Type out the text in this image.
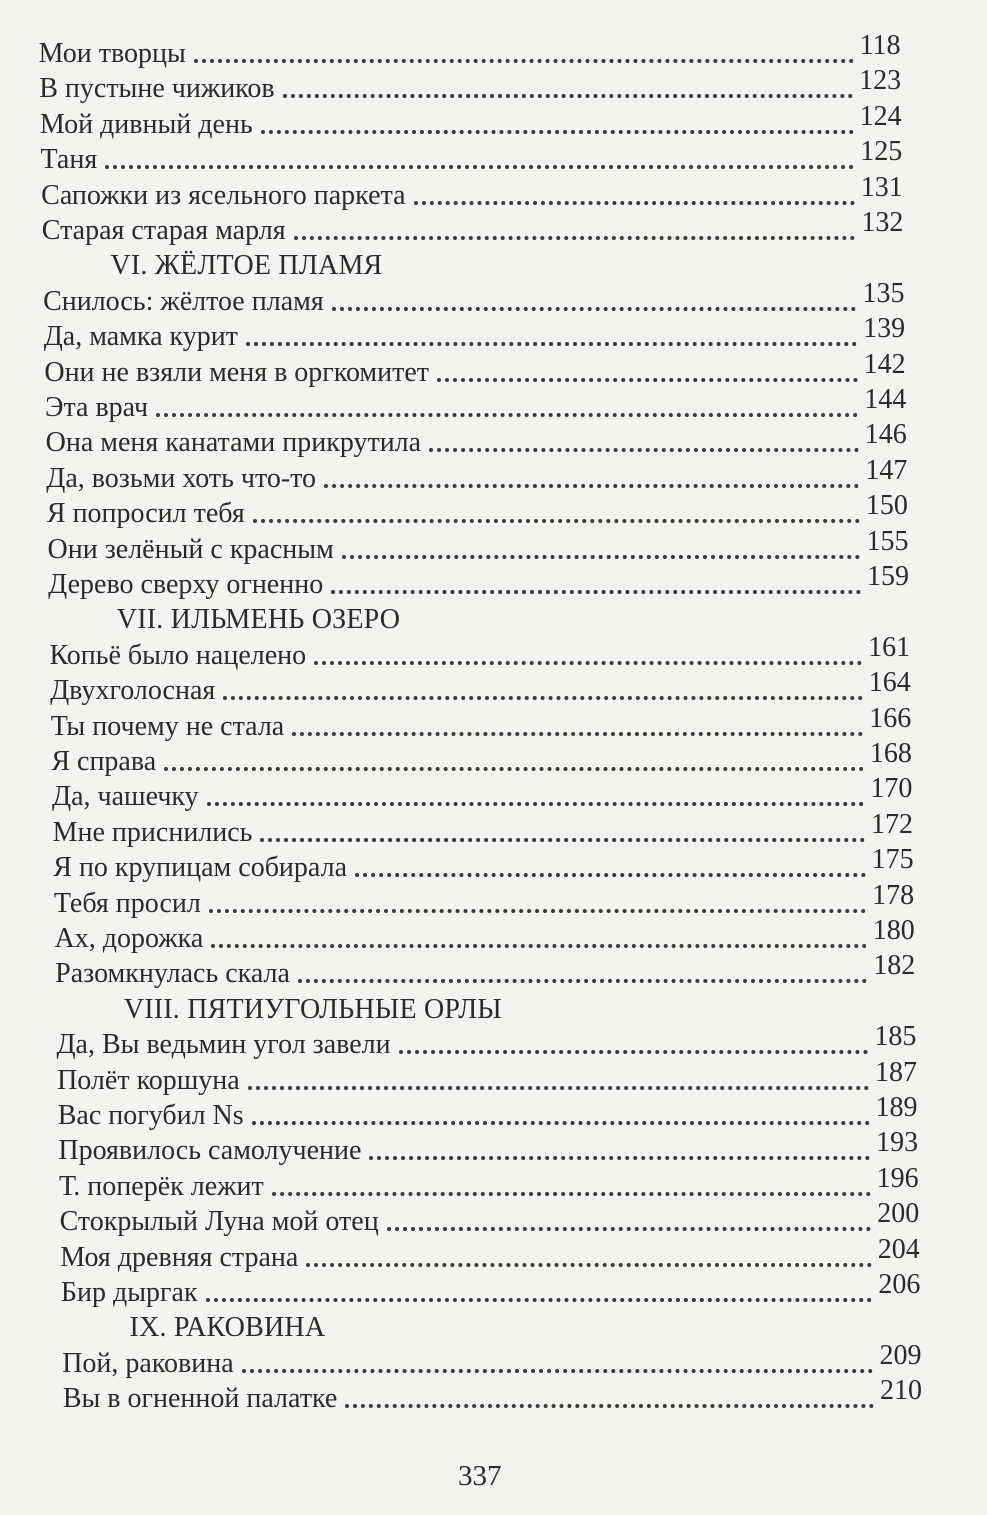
Мои творцы	118
В пустыне чижиков	123
Мой дивный день	124
Таня	125
Сапожки из ясельного паркета	131
Старая старая марля	132
VI. ЖЁЛТОЕ ПЛАМЯ
Снилось: жёлтое пламя	135
Да, мамка курит	139
Они не взяли меня в оргкомитет	142
Эта врач	144
Она меня канатами прикрутила	146
Да, возьми хоть что-то	147
Я попросил тебя	150
Они зелёный с красным	155
Дерево сверху огненно	159
VII. ИЛЬМЕНЬ ОЗЕРО
Копьё было нацелено	161
Двухголосная	164
Ты почему не стала	166
Я справа	168
Да, чашечку	170
Мне приснились	172
Я по крупицам собирала	175
Тебя просил	178
Ах, дорожка	180
Разомкнулась скала	182
VIII. ПЯТИУГОЛЬНЫЕ ОРЛЫ
Да, Вы ведьмин угол завели	185
Полёт коршуна	187
Вас погубил Ns	189
Проявилось самолучение	193
Т. поперёк лежит	196
Стокрылый Луна мой отец	200
Моя древняя страна	204
Бир дыргак	206
IX. РАКОВИНА
Пой, раковина	209
Вы в огненной палатке	210
337
